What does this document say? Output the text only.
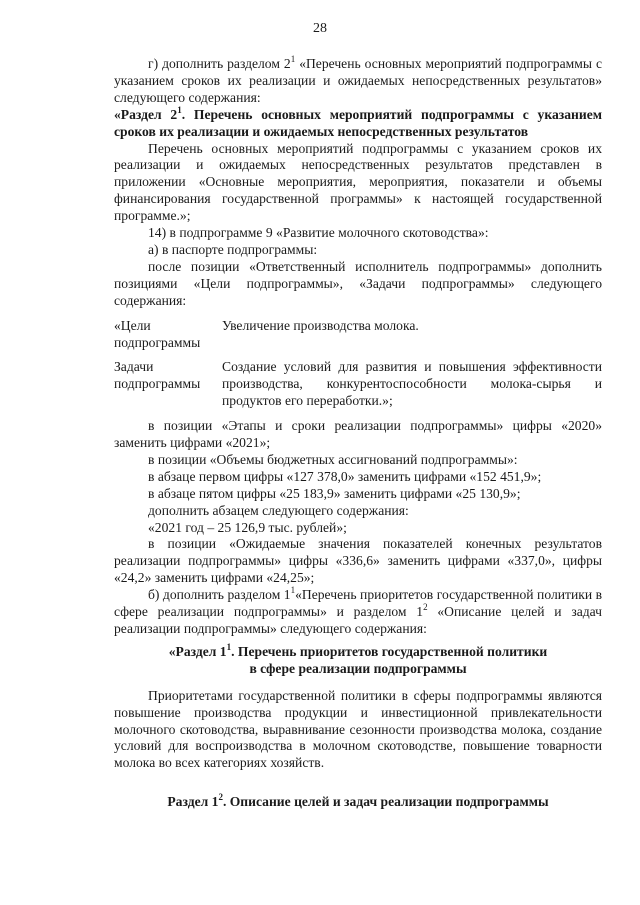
28

г) дополнить разделом $2^1$ «Перечень основных мероприятий подпрограммы с указанием сроков их реализации и ожидаемых непосредственных результатов» следующего содержания:

«Раздел $2^1$. Перечень основных мероприятий подпрограммы с указанием сроков их реализации и ожидаемых непосредственных результатов

Перечень основных мероприятий подпрограммы с указанием сроков их реализации и ожидаемых непосредственных результатов представлен в приложении «Основные мероприятия, мероприятия, показатели и объемы финансирования государственной программы» к настоящей государственной программе.»;

14) в подпрограмме 9 «Развитие молочного скотоводства»:

а) в паспорте подпрограммы:

после позиции «Ответственный исполнитель подпрограммы» дополнить позициями «Цели подпрограммы», «Задачи подпрограммы» следующего содержания:

«Цели подпрограммы
Увеличение производства молока.
Задачи подпрограммы
Создание условий для развития и повышения эффективности производства, конкурентоспособности молока-сырья и продуктов его переработки.»;

в позиции «Этапы и сроки реализации подпрограммы» цифры «2020» заменить цифрами «2021»;

в позиции «Объемы бюджетных ассигнований подпрограммы»:

в абзаце первом цифры «127 378,0» заменить цифрами «152 451,9»;

в абзаце пятом цифры «25 183,9» заменить цифрами «25 130,9»;

дополнить абзацем следующего содержания:

«2021 год – 25 126,9 тыс. рублей»;

в позиции «Ожидаемые значения показателей конечных результатов реализации подпрограммы» цифры «336,6» заменить цифрами «337,0», цифры «24,2» заменить цифрами «24,25»;

б) дополнить разделом $1^1«Перечень$ приоритетов государственной политики в сфере реализации подпрограммы» и разделом $1^2$ «Описание целей и задач реализации подпрограммы» следующего содержания:

«Раздел $1^1$. Перечень приоритетов государственной политики
в сфере реализации подпрограммы

Приоритетами государственной политики в сферы подпрограммы являются повышение производства продукции и инвестиционной привлекательности молочного скотоводства, выравнивание сезонности производства молока, создание условий для воспроизводства в молочном скотоводстве, повышение товарности молока во всех категориях хозяйств.

Раздел $1^2$. Описание целей и задач реализации подпрограммы
